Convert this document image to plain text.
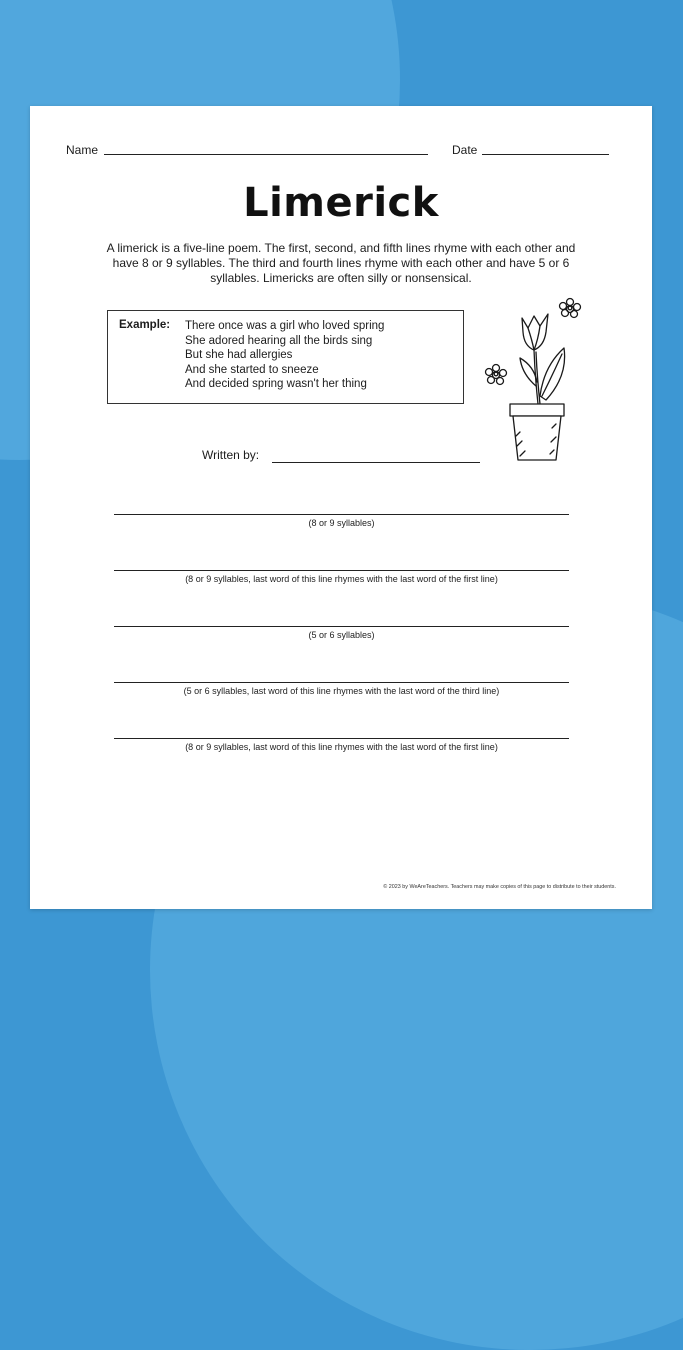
Name	Date
Limerick
A limerick is a five-line poem. The first, second, and fifth lines rhyme with each other and have 8 or 9 syllables. The third and fourth lines rhyme with each other and have 5 or 6 syllables. Limericks are often silly or nonsensical.
Example: There once was a girl who loved spring
She adored hearing all the birds sing
But she had allergies
And she started to sneeze
And decided spring wasn't her thing
Written by:
(8 or 9 syllables)
(8 or 9 syllables, last word of this line rhymes with the last word of the first line)
(5 or 6 syllables)
(5 or 6 syllables, last word of this line rhymes with the last word of the third line)
(8 or 9 syllables, last word of this line rhymes with the last word of the first line)
© 2023 by WeAreTeachers. Teachers may make copies of this page to distribute to their students.
